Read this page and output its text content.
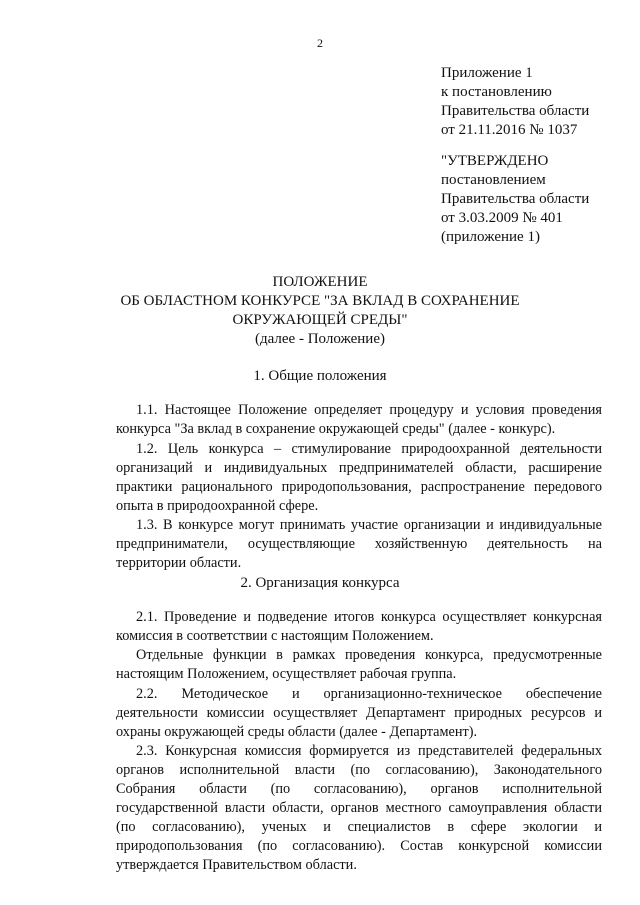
2
Приложение 1
к постановлению
Правительства области
от 21.11.2016 № 1037
"УТВЕРЖДЕНО
постановлением
Правительства области
от 3.03.2009 № 401
(приложение 1)
ПОЛОЖЕНИЕ
ОБ ОБЛАСТНОМ КОНКУРСЕ "ЗА ВКЛАД В СОХРАНЕНИЕ
ОКРУЖАЮЩЕЙ СРЕДЫ"
(далее - Положение)
1. Общие положения
1.1. Настоящее Положение определяет процедуру и условия проведения конкурса "За вклад в сохранение окружающей среды" (далее - конкурс).
1.2. Цель конкурса – стимулирование природоохранной деятельности организаций и индивидуальных предпринимателей области, расширение практики рационального природопользования, распространение передового опыта в природоохранной сфере.
1.3. В конкурсе могут принимать участие организации и индивидуальные предприниматели, осуществляющие хозяйственную деятельность на территории области.
2. Организация конкурса
2.1. Проведение и подведение итогов конкурса осуществляет конкурсная комиссия в соответствии с настоящим Положением.
Отдельные функции в рамках проведения конкурса, предусмотренные настоящим Положением, осуществляет рабочая группа.
2.2. Методическое и организационно-техническое обеспечение деятельности комиссии осуществляет Департамент природных ресурсов и охраны окружающей среды области (далее - Департамент).
2.3. Конкурсная комиссия формируется из представителей федеральных органов исполнительной власти (по согласованию), Законодательного Собрания области (по согласованию), органов исполнительной государственной власти области, органов местного самоуправления области (по согласованию), ученых и специалистов в сфере экологии и природопользования (по согласованию). Состав конкурсной комиссии утверждается Правительством области.
